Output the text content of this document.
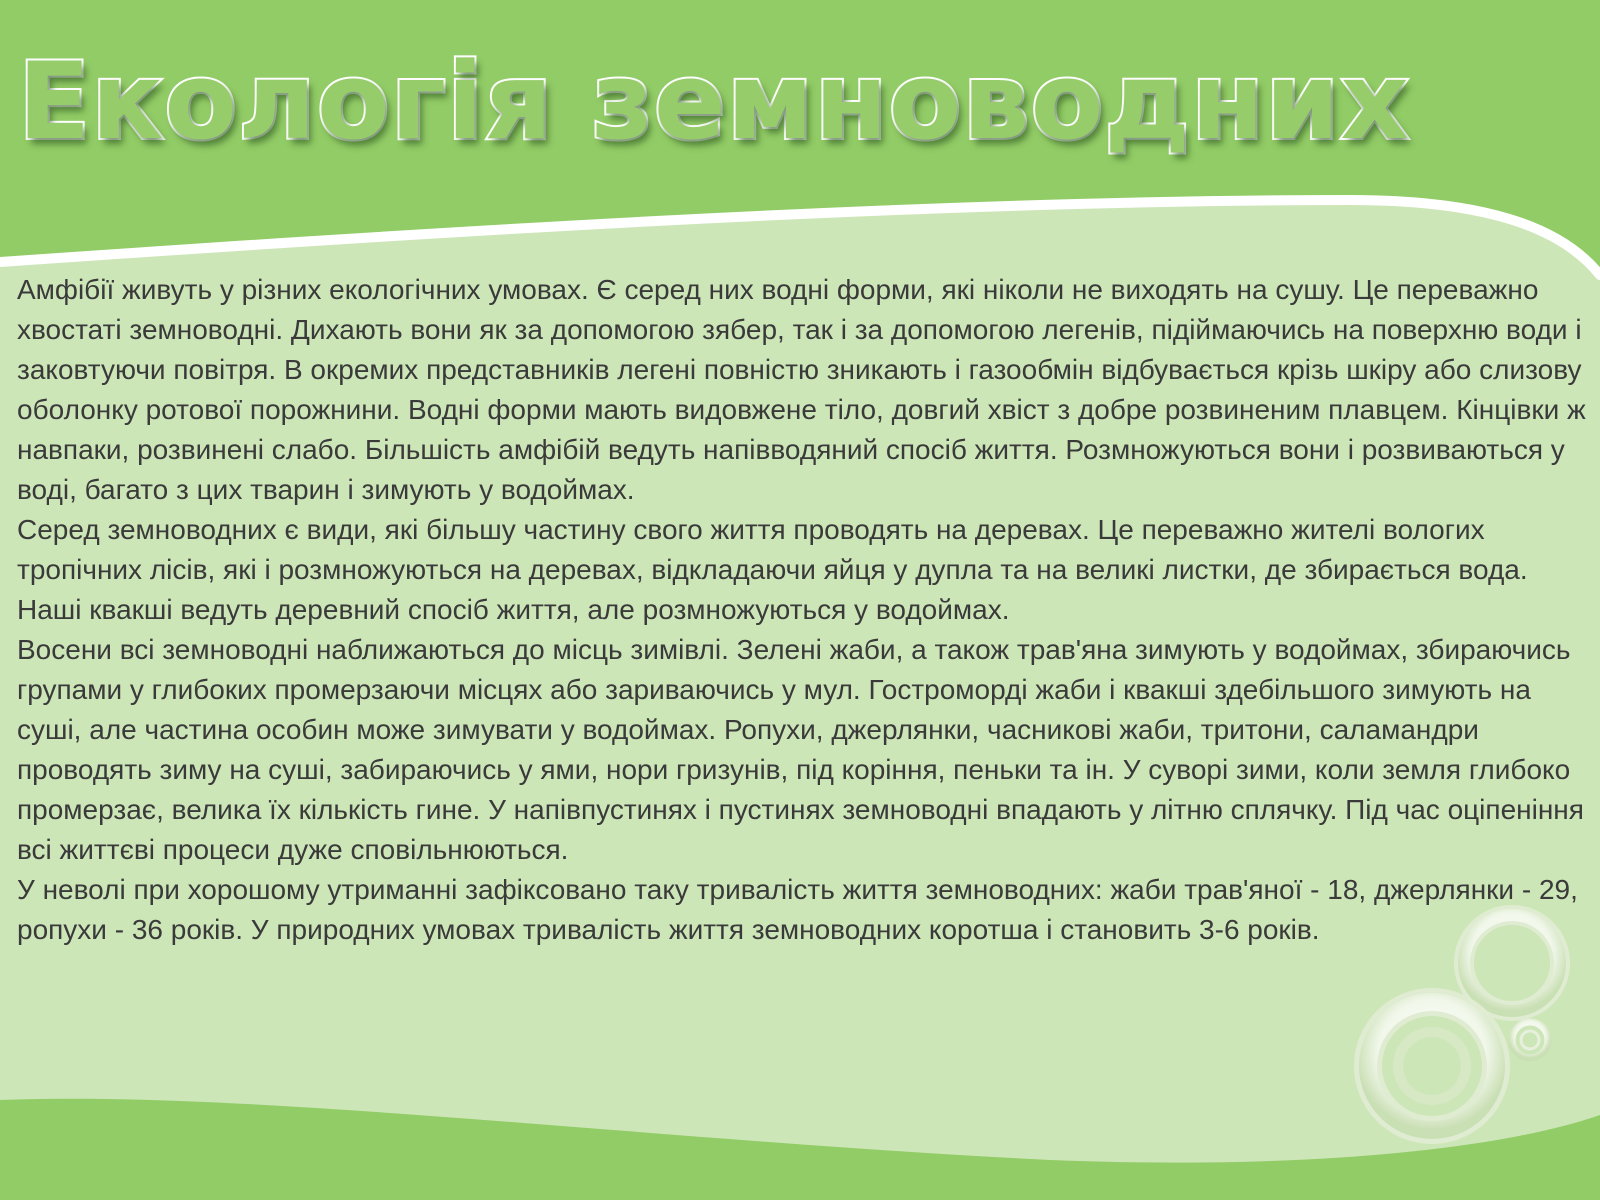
Екологія земноводних

Амфібії живуть у різних екологічних умовах. Є серед них водні форми, які ніколи не виходять на сушу. Це переважно хвостаті земноводні. Дихають вони як за допомогою зябер, так і за допомогою легенів, підіймаючись на поверхню води і заковтуючи повітря. В окремих представників легені повністю зникають і газообмін відбувається крізь шкіру або слизову оболонку ротової порожнини. Водні форми мають видовжене тіло, довгий хвіст з добре розвиненим плавцем. Кінцівки ж навпаки, розвинені слабо. Більшість амфібій ведуть напівводяний спосіб життя. Розмножуються вони і розвиваються у воді, багато з цих тварин і зимують у водоймах.

Серед земноводних є види, які більшу частину свого життя проводять на деревах. Це переважно жителі вологих тропічних лісів, які і розмножуються на деревах, відкладаючи яйця у дупла та на великі листки, де збирається вода. Наші квакші ведуть деревний спосіб життя, але розмножуються у водоймах.

Восени всі земноводні наближаються до місць зимівлі. Зелені жаби, а також трав'яна зимують у водоймах, збираючись групами у глибоких промерзаючи місцях або зариваючись у мул. Гостроморді жаби і квакші здебільшого зимують на суші, але частина особин може зимувати у водоймах. Ропухи, джерлянки, часникові жаби, тритони, саламандри проводять зиму на суші, забираючись у ями, нори гризунів, під коріння, пеньки та ін. У суворі зими, коли земля глибоко промерзає, велика їх кількість гине. У напівпустинях і пустинях земноводні впадають у літню сплячку. Під час оціпеніння всі життєві процеси дуже сповільнюються.

У неволі при хорошому утриманні зафіксовано таку тривалість життя земноводних: жаби трав'яної - 18, джерлянки - 29, ропухи - 36 років. У природних умовах тривалість життя земноводних коротша і становить 3-6 років.
